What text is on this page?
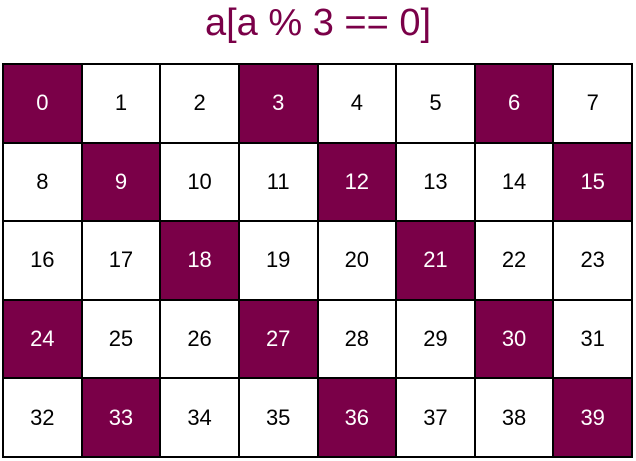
a[a % 3 == 0]
0	1	2	3	4	5	6	7
8	9	10	11	12	13	14	15
16	17	18	19	20	21	22	23
24	25	26	27	28	29	30	31
32	33	34	35	36	37	38	39
